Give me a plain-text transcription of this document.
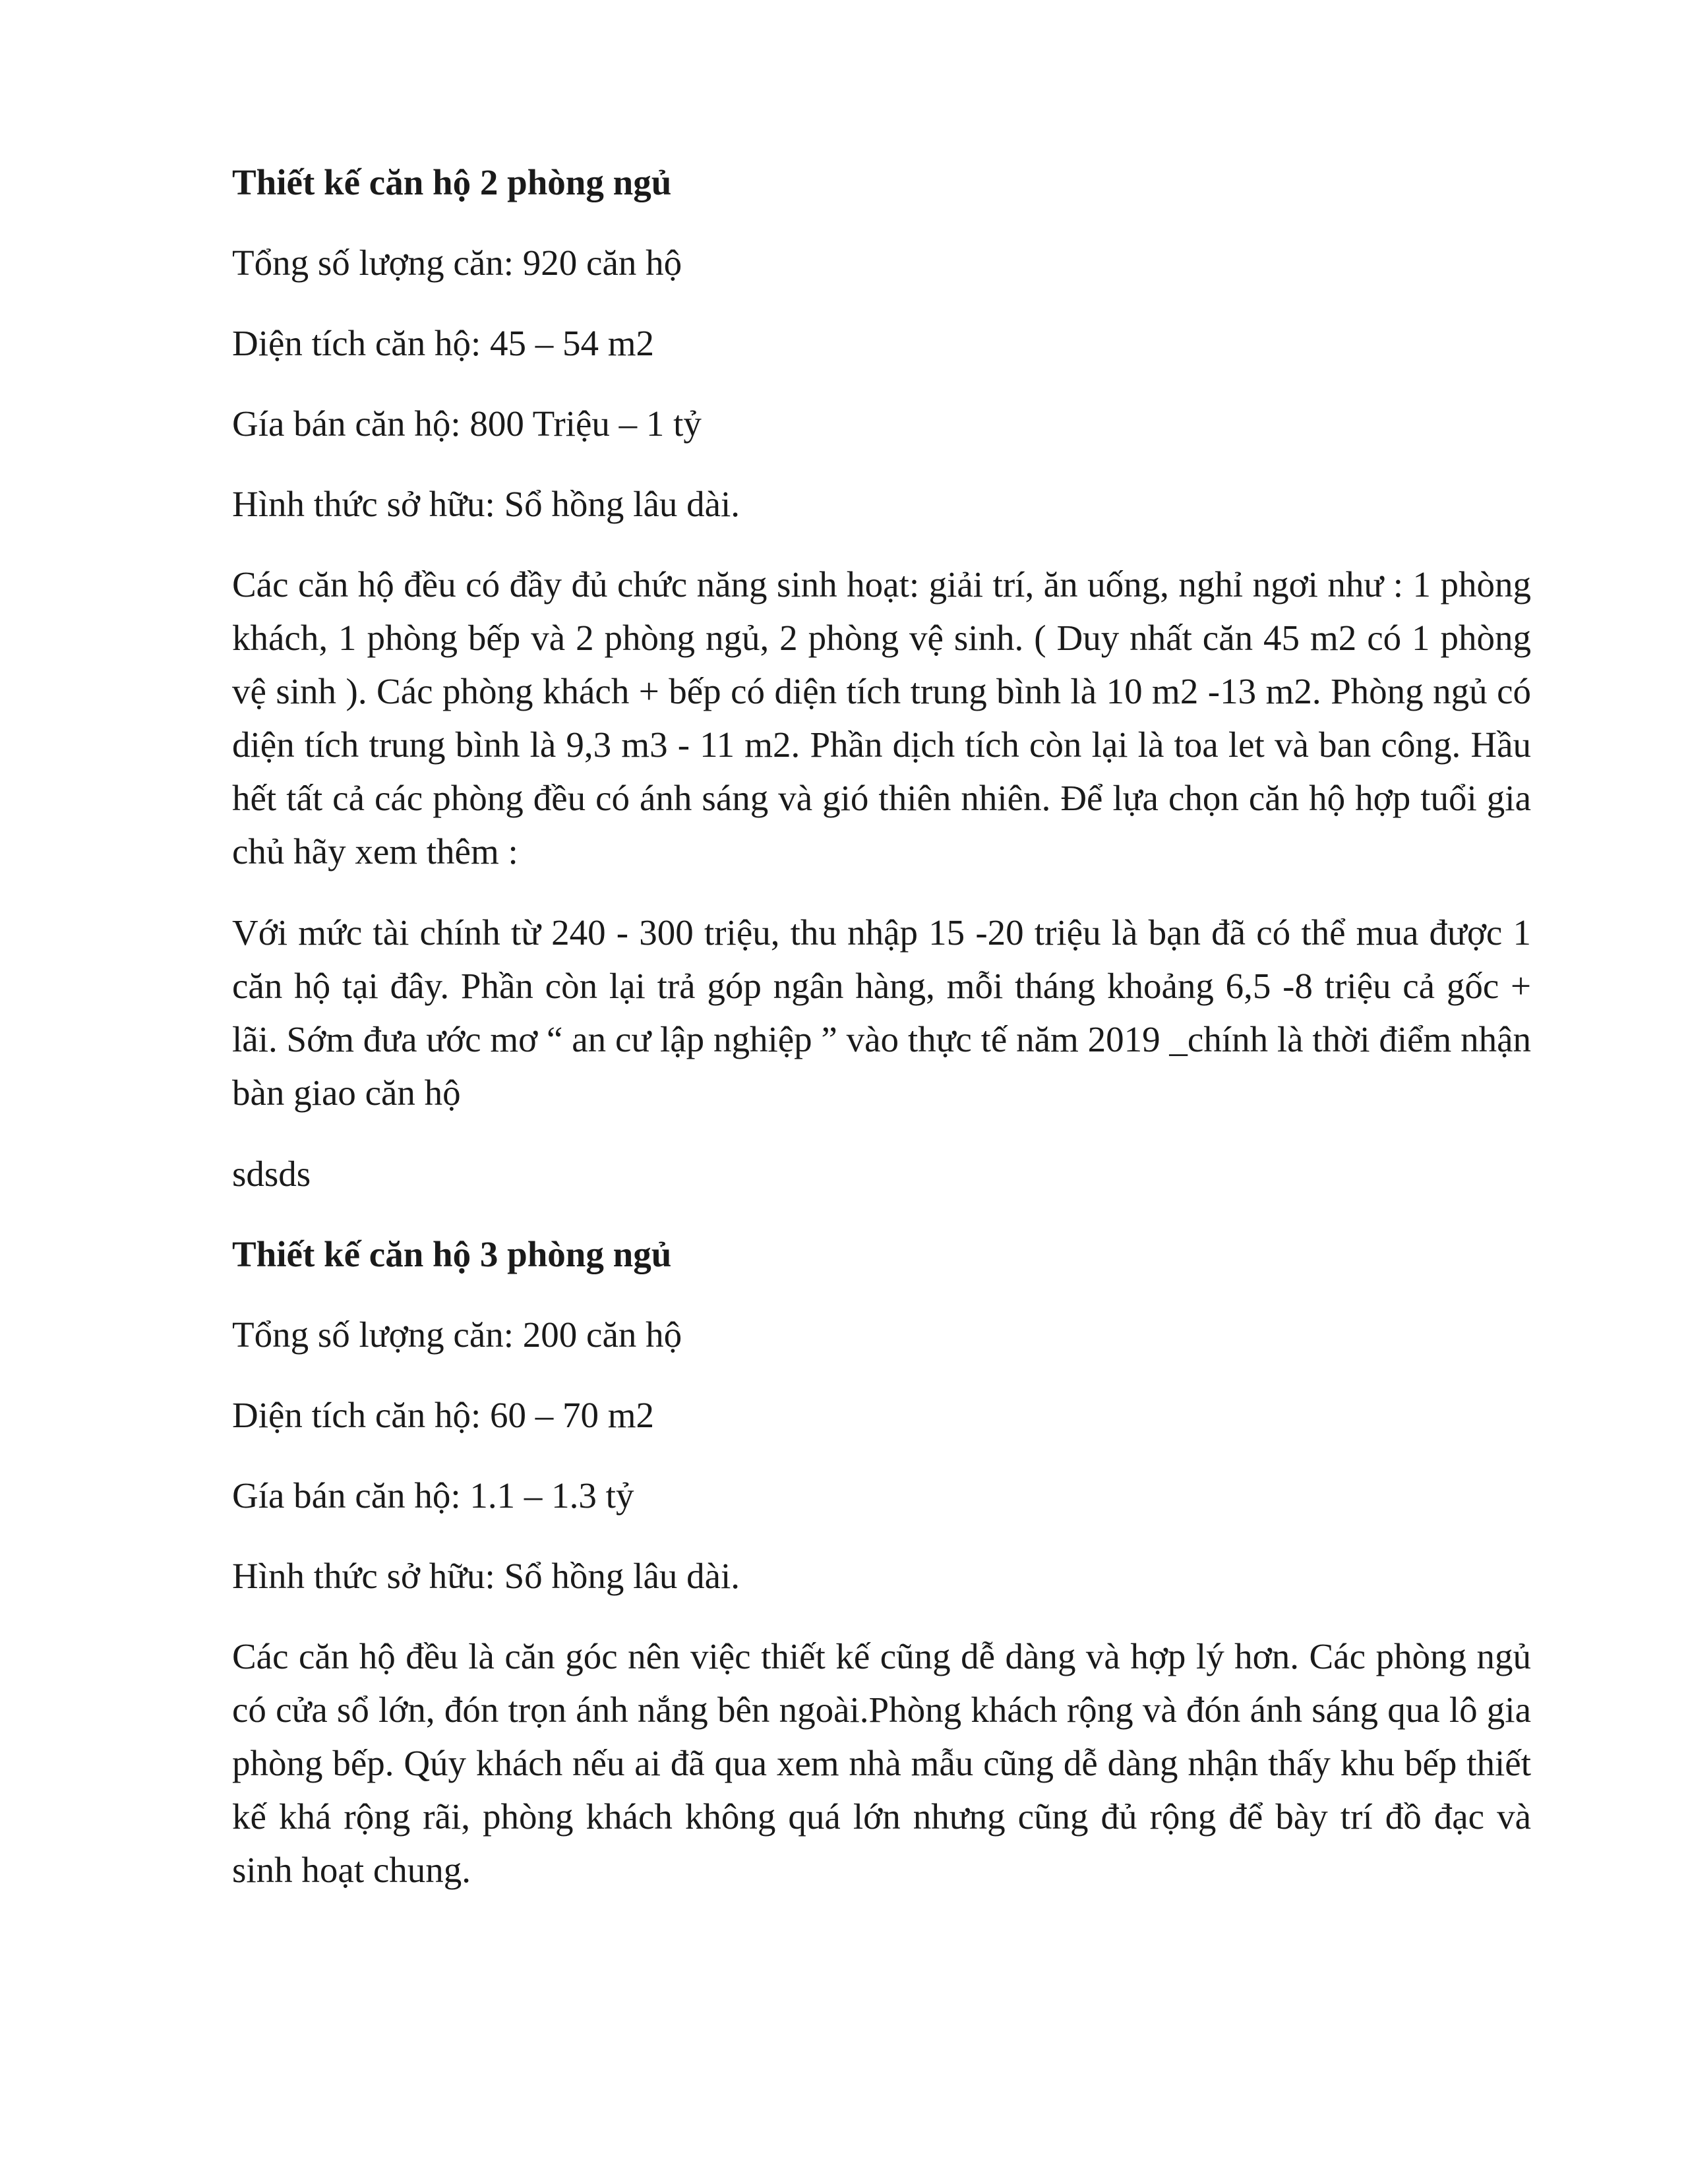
Thiết kế căn hộ 2 phòng ngủ

Tổng số lượng căn: 920 căn hộ

Diện tích căn hộ: 45 – 54 m2

Gía bán căn hộ: 800 Triệu – 1 tỷ

Hình thức sở hữu: Sổ hồng lâu dài.

Các căn hộ đều có đầy đủ chức năng sinh hoạt: giải trí, ăn uống, nghỉ ngơi như : 1 phòng khách, 1 phòng bếp và 2 phòng ngủ, 2 phòng vệ sinh. ( Duy nhất căn 45 m2 có 1 phòng vệ sinh ). Các phòng khách + bếp có diện tích trung bình là 10 m2 -13 m2. Phòng ngủ có diện tích trung bình là 9,3 m3 - 11 m2. Phần dịch tích còn lại là toa let và ban công. Hầu hết tất cả các phòng đều có ánh sáng và gió thiên nhiên. Để lựa chọn căn hộ hợp tuổi gia chủ hãy xem thêm :

Với mức tài chính từ 240 - 300 triệu, thu nhập 15 -20 triệu là bạn đã có thể mua được 1 căn hộ tại đây. Phần còn lại trả góp ngân hàng, mỗi tháng khoảng 6,5 -8 triệu cả gốc + lãi. Sớm đưa ước mơ “ an cư lập nghiệp ” vào thực tế năm 2019 _chính là thời điểm nhận bàn giao căn hộ

sdsds

Thiết kế căn hộ 3 phòng ngủ

Tổng số lượng căn: 200 căn hộ

Diện tích căn hộ: 60 – 70 m2

Gía bán căn hộ: 1.1 – 1.3 tỷ

Hình thức sở hữu: Sổ hồng lâu dài.

Các căn hộ đều là căn góc nên việc thiết kế cũng dễ dàng và hợp lý hơn. Các phòng ngủ có cửa sổ lớn, đón trọn ánh nắng bên ngoài.Phòng khách rộng và đón ánh sáng qua lô gia phòng bếp. Qúy khách nếu ai đã qua xem nhà mẫu cũng dễ dàng nhận thấy khu bếp thiết kế khá rộng rãi, phòng khách không quá lớn nhưng cũng đủ rộng để bày trí đồ đạc và sinh hoạt chung.
